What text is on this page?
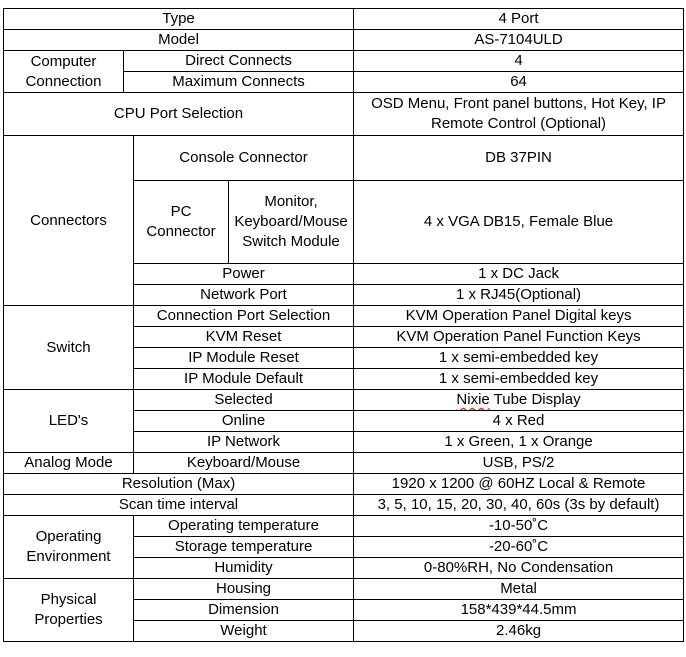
Type				4 Port
Model				AS-7104ULD
Computer Connection	Direct Connects			4
	Maximum Connects			64
CPU Port Selection				OSD Menu, Front panel buttons, Hot Key, IP Remote Control (Optional)
Connectors		Console Connector		DB 37PIN
		PC Connector	Monitor, Keyboard/Mouse Switch Module	4 x VGA DB15, Female Blue
		Power		1 x DC Jack
		Network Port		1 x RJ45(Optional)
Switch		Connection Port Selection		KVM Operation Panel Digital keys
		KVM Reset		KVM Operation Panel Function Keys
		IP Module Reset		1 x semi-embedded key
		IP Module Default		1 x semi-embedded key
LED's		Selected		Nixie Tube Display
		Online		4 x Red
		IP Network		1 x Green, 1 x Orange
Analog Mode		Keyboard/Mouse		USB, PS/2
Resolution (Max)				1920 x 1200 @ 60HZ Local & Remote
Scan time interval				3, 5, 10, 15, 20, 30, 40, 60s (3s by default)
Operating Environment		Operating temperature		-10-50˚C
		Storage temperature		-20-60˚C
		Humidity		0-80%RH, No Condensation
Physical Properties		Housing		Metal
		Dimension		158*439*44.5mm
		Weight		2.46kg
